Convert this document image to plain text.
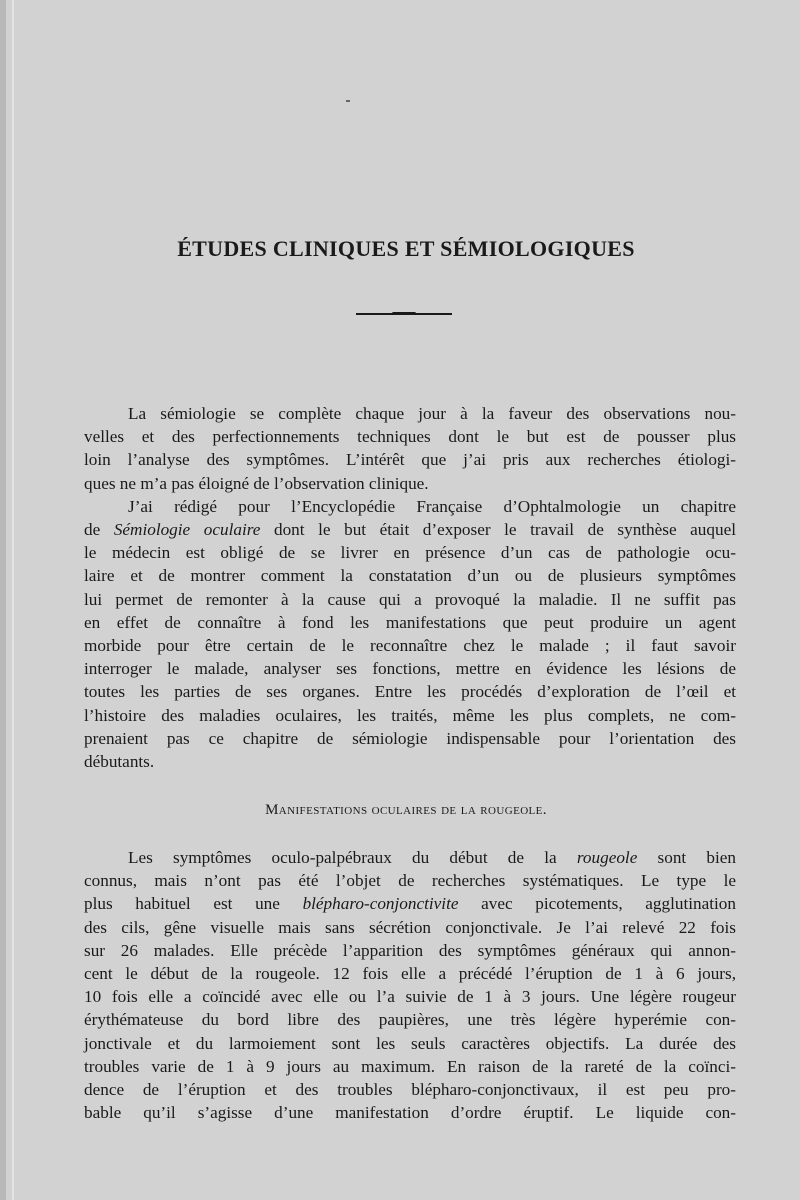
ÉTUDES CLINIQUES ET SÉMIOLOGIQUES
La sémiologie se complète chaque jour à la faveur des observations nou-
velles et des perfectionnements techniques dont le but est de pousser plus
loin l’analyse des symptômes. L’intérêt que j’ai pris aux recherches étiologi-
ques ne m’a pas éloigné de l’observation clinique.
J’ai rédigé pour l’Encyclopédie Française d’Ophtalmologie un chapitre
de Sémiologie oculaire dont le but était d’exposer le travail de synthèse auquel
le médecin est obligé de se livrer en présence d’un cas de pathologie ocu-
laire et de montrer comment la constatation d’un ou de plusieurs symptômes
lui permet de remonter à la cause qui a provoqué la maladie. Il ne suffit pas
en effet de connaître à fond les manifestations que peut produire un agent
morbide pour être certain de le reconnaître chez le malade ; il faut savoir
interroger le malade, analyser ses fonctions, mettre en évidence les lésions de
toutes les parties de ses organes. Entre les procédés d’exploration de l’œil et
l’histoire des maladies oculaires, les traités, même les plus complets, ne com-
prenaient pas ce chapitre de sémiologie indispensable pour l’orientation des
débutants.
Manifestations oculaires de la rougeole.
Les symptômes oculo-palpébraux du début de la rougeole sont bien
connus, mais n’ont pas été l’objet de recherches systématiques. Le type le
plus habituel est une blépharo-conjonctivite avec picotements, agglutination
des cils, gêne visuelle mais sans sécrétion conjonctivale. Je l’ai relevé 22 fois
sur 26 malades. Elle précède l’apparition des symptômes généraux qui annon-
cent le début de la rougeole. 12 fois elle a précédé l’éruption de 1 à 6 jours,
10 fois elle a coïncidé avec elle ou l’a suivie de 1 à 3 jours. Une légère rougeur
érythémateuse du bord libre des paupières, une très légère hyperémie con-
jonctivale et du larmoiement sont les seuls caractères objectifs. La durée des
troubles varie de 1 à 9 jours au maximum. En raison de la rareté de la coïnci-
dence de l’éruption et des troubles blépharo-conjonctivaux, il est peu pro-
bable qu’il s’agisse d’une manifestation d’ordre éruptif. Le liquide con-
